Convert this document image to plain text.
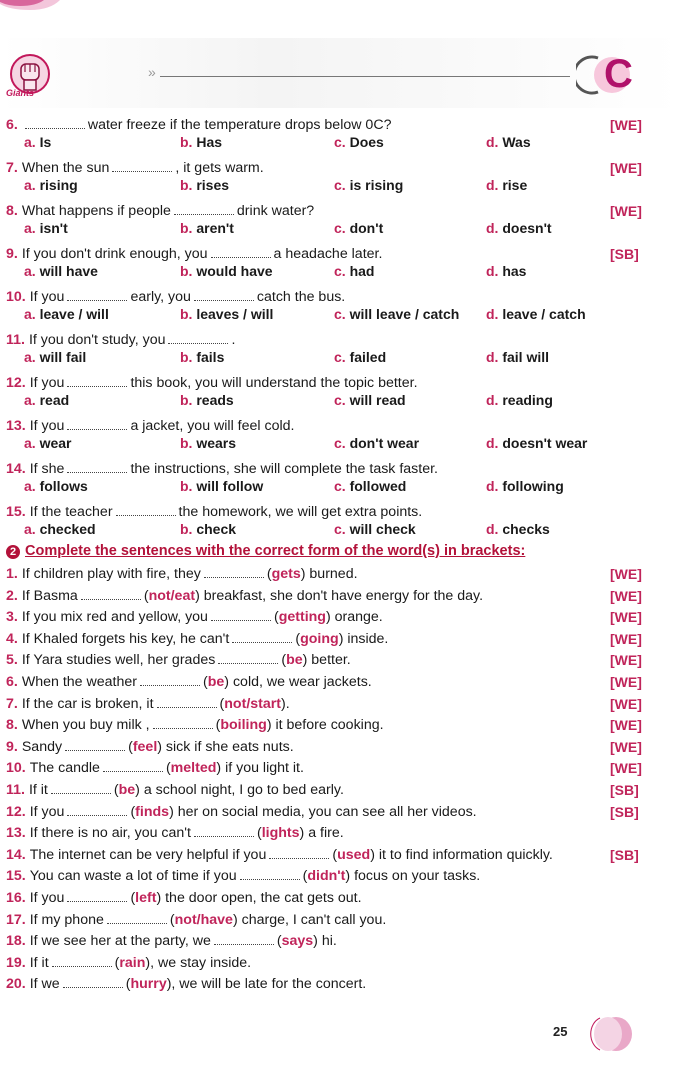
Giants
»	C
6.	water freeze if the temperature drops below 0C?	[WE]
a. Is	b. Has	c. Does	d. Was
7. When the sun	, it gets warm.	[WE]
a. rising	b. rises	c. is rising	d. rise
8. What happens if people	drink water?	[WE]
a. isn't	b. aren't	c. don't	d. doesn't
9. If you don't drink enough, you	a headache later.	[SB]
a. will have	b. would have	c. had	d. has
10. If you	early, you	catch the bus.
a. leave / will	b. leaves / will	c. will leave / catch d. leave / catch
11. If you don't study, you	.
a. will fail	b. fails	c. failed	d. fail will
12. If you	this book, you will understand the topic better.
a. read	b. reads	c. will read	d. reading
13. If you	a jacket, you will feel cold.
a. wear	b. wears	c. don't wear	d. doesn't wear
14. If she	the instructions, she will complete the task faster.
a. follows	b. will follow	c. followed	d. following
15. If the teacher	the homework, we will get extra points.
a. checked	b. check	c. will check	d. checks
2 Complete the sentences with the correct form of the word(s) in brackets:
1. If children play with fire, they	(gets) burned.	[WE]
2. If Basma	(not/eat) breakfast, she don't have energy for the day.	[WE]
3. If you mix red and yellow, you	(getting) orange.	[WE]
4. If Khaled forgets his key, he can't	(going) inside.	[WE]
5. If Yara studies well, her grades	(be) better.	[WE]
6. When the weather	(be) cold, we wear jackets.	[WE]
7. If the car is broken, it	(not/start).	[WE]
8. When you buy milk ,	(boiling) it before cooking.	[WE]
9. Sandy	(feel) sick if she eats nuts.	[WE]
10. The candle	(melted) if you light it.	[WE]
11. If it	(be) a school night, I go to bed early.	[SB]
12. If you	(finds) her on social media, you can see all her videos.	[SB]
13. If there is no air, you can't	(lights) a fire.
14. The internet can be very helpful if you	(used) it to find information quickly.	[SB]
15. You can waste a lot of time if you	(didn't) focus on your tasks.
16. If you	(left) the door open, the cat gets out.
17. If my phone	(not/have) charge, I can't call you.
18. If we see her at the party, we	(says) hi.
19. If it	(rain), we stay inside.
20. If we	(hurry), we will be late for the concert.
25
